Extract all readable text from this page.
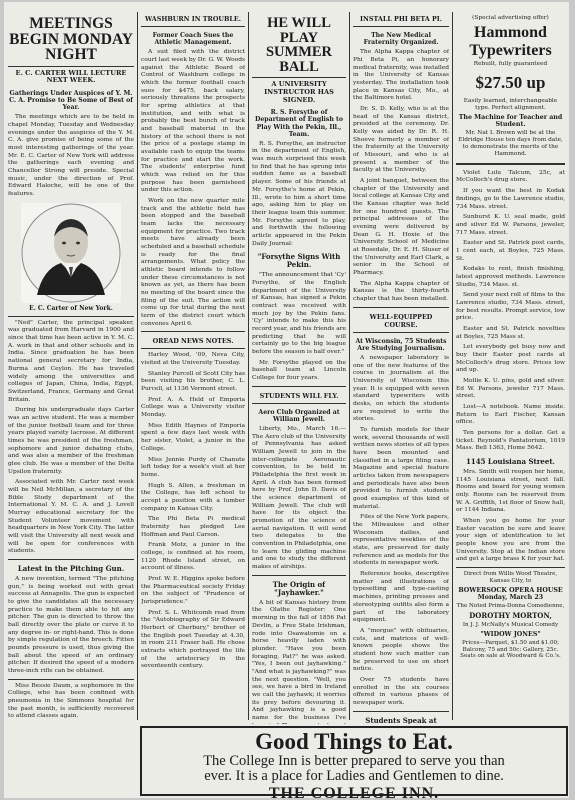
MEETINGS BEGIN MONDAY NIGHT
E. C. CARTER WILL LECTURE NEXT WEEK.
Gatherings Under Auspices of Y. M. C. A. Promise to Be Some of Best of Year.

The meetings which are to be held in chapel Monday, Tuesday and Wednesday evenings under the auspices of the Y. M. C. A. give promise of being some of the most interesting gatherings of the year. Mr. E. C. Carter of New York will address the gatherings each evening and Chancellor Strong will preside. Special music, under the direction of Prof. Edward Haloche, will be one of the features.

E. C. Carter of New York.

"Ned" Carter, the principal speaker, was graduated from Harvard in 1900 and since that time has been active in Y. M. C. A. work in that and other schools and in India. Since graduation he has been national general secretary for India, Burma and Ceylon. He has traveled widely among the universities and colleges of Japan, China, India, Egypt, Switzerland, France, Germany and Great Britain.

During his undergraduate days Carter was an active student. He was a member of the junior football team and for three years played varsity lacrosse. At different times he was president of the freshman, sophomore and junior debating clubs, and was also a member of the freshman glee club. He was a member of the Delta Upsilon fraternity.

Associated with Mr. Carter next week will be Neil McMillan, a secretary of the Bible Study department of the International Y. M. C. A. and J. Lovell Murray educational secretary for the Student Volunteer movement with headquarters in New York City. The latter will visit the University all next week and will be open for conferences with students.

Latest in the Pitching Gun.

A new invention, termed "The pitching gun," is being worked out with great success at Annapolis. The gun is expected to give the candidates all the necessary practice to make them able to hit any pitcher. The gun is directed to throw the ball directly over the plate or curve it to any degree in- or right-hand. This is done by simple regulation of the breech. Fitten pounds pressure is used, thus giving the ball about the speed of an ordinary pitcher. If desired the speed of a modern three-inch rifle can be obtained.

Miss Bessie Daum, a sophomore in the College, who has been confined with pneumonia in the Simmons hospital for the past month, is sufficiently recovered to attend classes again.

WASHBURN IN TROUBLE.
Former Coach Sues the Athletic Management.

A suit filed with the district court last week by Dr. G. W. Woods against the Athletic Board of Control of Washburn college in which the former football coach sues for $475, back salary, seriously threatens the prospects for spring athletics at that institution, and with what is probably the best bunch of track and baseball material in the history of the school there is not the price of a postage stamp in available cash to equip the teams for practice and start the work. The students' enterprise fund which was relied on for this purpose has been garnisheed under this action.

Work on the new quarter mile track and the athletic field has been stopped and the baseball team lacks the necessary equipment for practice. Two track meets have already been scheduled and a baseball schedule is ready for the final arrangements. What policy the athletic board intends to follow under these circumstances is not known as yet, as there has been no meeting of the board since the filing of the suit. The action will come up for trial during the next term of the district court which convenes April 6.

OREAD NEWS NOTES.

Harley Wood, '09, Neva City, visited at the University Tuesday.

Stanley Purcell of Scott City has been visiting his brother, C. L. Purcell, at 1136 Vermont street.

Prof. A. A. Held of Emporia College was a University visitor Monday.

Miss Edith Haynes of Emporia spent a few days last week with her sister, Violet, a junior in the College.

Miss Jennie Purdy of Chanute left today for a week's visit at her home.

Hugh S. Allen, a freshman in the College, has left school to accept a position with a lumber company in Kansas City.

The Phi Beta Pi medical fraternity has pledged Lee Hoffman and Paul Carson.

Frank Motz, a junior in the college, is confined at his room, 1120 Rhode Island street, on account of illness.

Prof. W. E. Higgins spoke before the Pharmaceutical society Friday on the subject of "Prudence of Jurisprudence."

Prof. S. L. Whitcomb read from the "Autobiography of Sir Edward Herbert of Cherbury," brother of the English poet Tuesday at 4.30, in room 211 Fraser hall. He chose extracts which portrayed the life of the aristocracy in the seventeenth century.

HE WILL PLAY SUMMER BALL
A UNIVERSITY INSTRUCTOR HAS SIGNED.
R. S. Forsythe of Department of English to Play With the Pekin, Ill., Team.

R. S. Forsythe, an instructor in the department of English, was much surprised this week to find that he has sprung into sudden fame as a baseball player. Some of his friends at Mr. Forsythe's home at Pekin, Ill., wrote to him a short time ago, asking him to play on their league team this summer. Mr. Forsythe agreed to play, and forthwith the following article appeared in the Pekin Daily Journal:

"Forsythe Signs With Pekin.

"The announcement that 'Cy' Forsythe, of the English department of the University of Kansas, has signed a Pekin contract was received with much joy by the Pekin fans. 'Cy' intends to make this his record year, and his friends are predicting that he will certainly go to the big league before the season is half over."

Mr. Forsythe played on the baseball team at Lincoln College for four years.

STUDENTS WILL FLY.
Aero Club Organized at William Jewell.

Liberty, Mo., March 16.—The Aero club of the University of Pennsylvania has asked William Jewell to join in the inter-collegiate Aeronautic convention, to be held in Philadelphia the first week in April. A club has been formed here by Prof. John D. Davis of the science department of William Jewell. The club will have for its object the promotion of the science of aerial navigation. It will send two delegates to the convention in Philadelphia, one to learn the gliding machine and one to study the different makes of airships.

The Origin of "Jayhawker."

A bit of Kansas history from the Olathe Register: One morning in the fall of 1856 Pat Devlin, a Free State Irishman, rode into Osawatomie on a horse heavily laden with plunder. "Have you been foraging, Pat?" he was asked. "Yes, I been out jayhawking." "And what is jayhawking?" was the next question. "Well, you see, we have a bird in Ireland we call the jayhawk; it worries its prey before devouring it. And jayhawking is a good name for the business I've

INSTALL PHI BETA PI.
The New Medical Fraternity Organized.

The Alpha Kappa chapter of Phi Beta Pi, an honorary medical fraternity, was installed in the University of Kansas yesterday. The installation took place in Kansas City, Mo., at the Baltimore hotel.

Dr. S. D. Kelly, who is at the head of the Kansas district, presided at the ceremony. Dr. Kelly was aided by Dr. R. H. Shoeve formerly a member of the fraternity at the University of Missouri, and who is at present a member of the faculty at the University.

A joint banquet, between the chapter of the University and local college at Kansas City and the Kansas chapter was held for one hundred guests. The principal addresses of the evening were delivered by Dean G. H. Hoxie of the University School of Medicine at Rosedale, Dr. E. H. Sluser of the University and Earl Clark, a senior in the School of Pharmacy.

The Alpha Kappa chapter of Kansas is the thirty-fourth chapter that has been installed.

WELL-EQUIPPED COURSE.
At Wisconsin, 75 Students Are Studying Journalism.

A newspaper laboratory is one of the new features of the course in journalism at the University of Wisconsin this year. It is equipped with seven standard typewriters with desks, on which the students are required to write the stories.

To furnish models for their work, several thousands of well written news stories of all types have been mounted and classified in a large filing case. Magazine and special feature articles taken from newspapers and periodicals have also been provided to furnish students good examples of this kind of material.

Files of the New York papers, the Milwaukee and other Wisconsin dailies, and representative weeklies of the state, are preserved for daily reference and as models for the students in newspaper work.

Reference books, descriptive matter and illustrations of typesetting and type-casting machines, printing presses and stereotyping outfits also form a part of the laboratory equipment.

A "morgue" with obituaries, cuts, and matrices of well-known people shows the student how such matter can be preserved to use on short notice.

Over 75 students have enrolled in the six courses offered in various phases of newspaper work.

Students Speak at

(Special advertising offer)
Hammond Typewriters
Rebuilt, fully guaranteed
$27.50 up
Easily learned, interchangeable type. Perfect alignment.
The Machine for Teacher and Student.
Mr. Nat I. Brown will be at the Eldridge House ten days from date, to demonstrate the merits of the Hammond.

Violet Lulu Talcum, 25c, at McColloch's drug store.

If you want the best in Kodak findings, go to the Lawrence studio, 734 Mass. street.

Sunburst K. U. seal made, gold and silver Ed W. Parsons, jeweler, 717 Mass. street.

Easter and St. Patrick post cards, 1 cent each, at Boyles, 725 Mass. St.

Kodaks to rent, finish finishing, latest approved methods. Lawrence Studio, 734 Mass. st.

Send your next roll of films to the Lawrence studio, 734 Mass. street, for best results. Prompt service, low price.

Easter and St. Patrick novelties at Boyles, 725 Mass st.

Let everybody get busy now and buy their Easter post cards at McColloch's drug store. Prices low and up.

Mollie K. U. pins, gold and silver. Ed W. Parsons, jeweler 717 Mass. street.

Lost—A notebook. Name inside. Return to Earl Fischer, Kansan office.

Ten persons for a dollar. Get a ticket. Reynold's Pantatorium, 1019 Mass. Bell 1363, Home 5642.

1145 Louisiana Street.

Mrs. Smith will reopen her home, 1145 Louisiana street, next fall. Rooms and board for young women only. Rooms can be reserved from W. A. Griffith, 1st floor of Snow hall, or 1144 Indiana.

When you go home for your Easter vacation be sure and leave your sign of identification to let people know you are from the University. Stop at the Indian store and get a large brass K for your hat.

Direct from Willis Wood Theatre, Kansas City, to
BOWERSOCK OPERA HOUSE Monday, March 23
The Noted Prima-Donna Comedienne,
DOROTHY MORTON,
In J. J. McNally's Musical Comedy
"WIDOW JONES"
Prices—Parquet, $1.50 and $1.00; Balcony, 75 and 50c; Gallery, 25c.
Seats on sale at Woodward & Co.'s.
Good Things to Eat.
The College Inn is better prepared to serve you than
ever. It is a place for Ladies and Gentlemen to dine.
THE COLLEGE INN.
